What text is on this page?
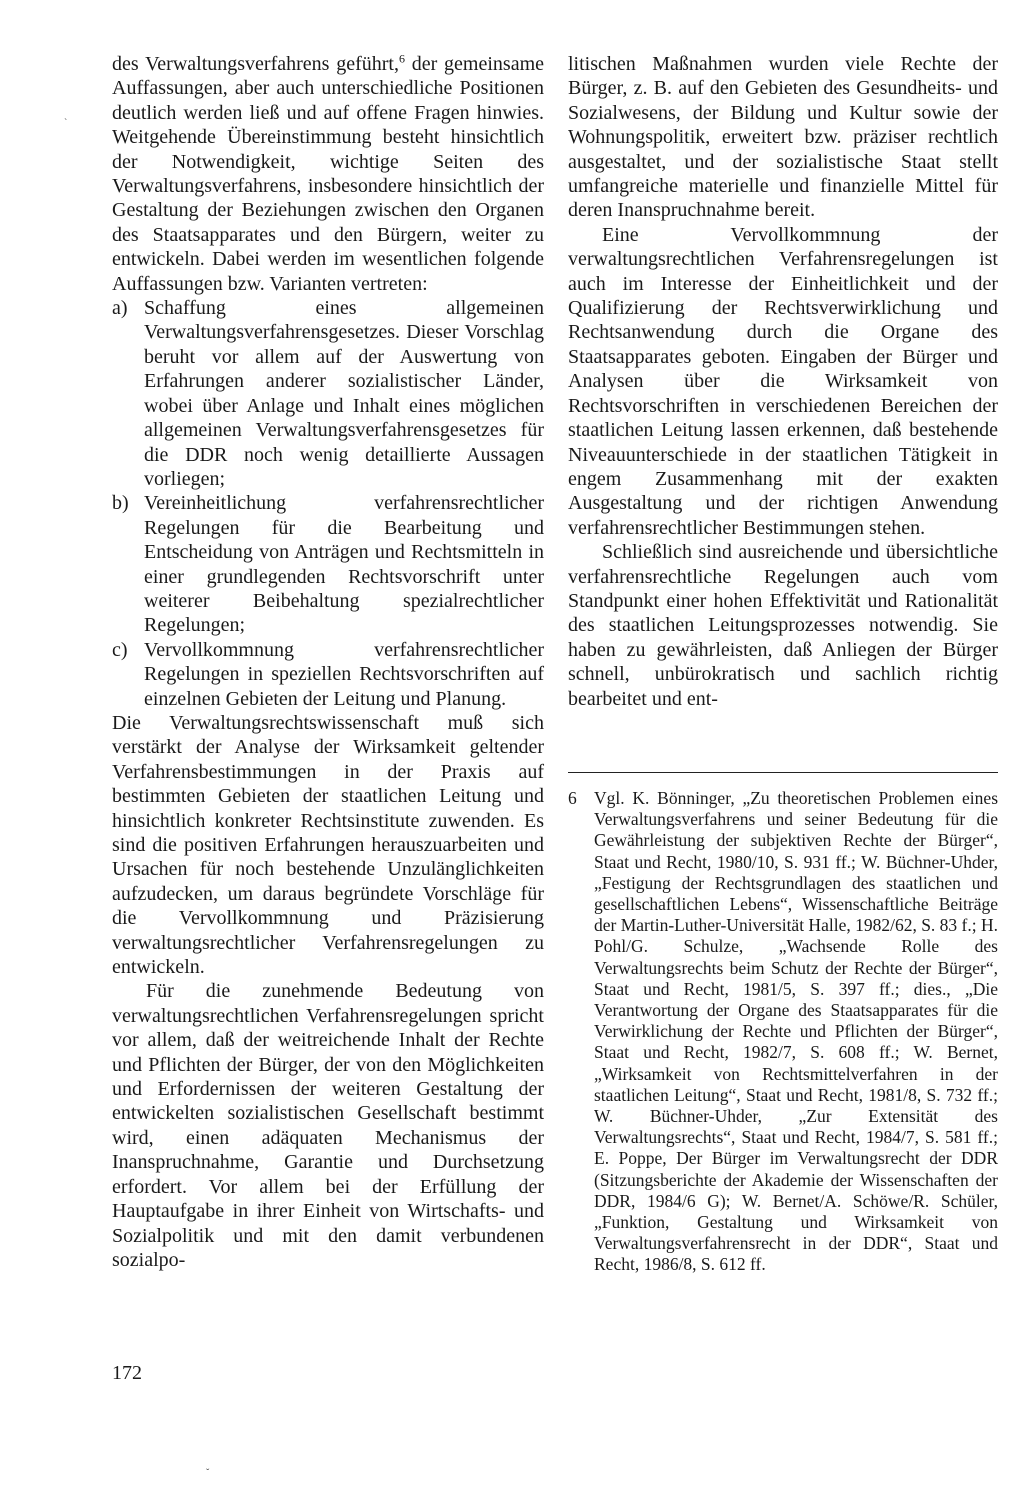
des Verwaltungsverfahrens geführt,$^6$ der gemeinsame Auffassungen, aber auch unterschiedliche Positionen deutlich werden ließ und auf offene Fragen hinwies. Weitgehende Übereinstimmung besteht hinsichtlich der Notwendigkeit, wichtige Seiten des Verwaltungsverfahrens, insbesondere hinsichtlich der Gestaltung der Beziehungen zwischen den Organen des Staatsapparates und den Bürgern, weiter zu entwickeln. Dabei werden im wesentlichen folgende Auffassungen bzw. Varianten vertreten:

a) Schaffung eines allgemeinen Verwaltungsverfahrensgesetzes. Dieser Vorschlag beruht vor allem auf der Auswertung von Erfahrungen anderer sozialistischer Länder, wobei über Anlage und Inhalt eines möglichen allgemeinen Verwaltungsverfahrensgesetzes für die DDR noch wenig detaillierte Aussagen vorliegen;
b) Vereinheitlichung verfahrensrechtlicher Regelungen für die Bearbeitung und Entscheidung von Anträgen und Rechtsmitteln in einer grundlegenden Rechtsvorschrift unter weiterer Beibehaltung spezialrechtlicher Regelungen;
c) Vervollkommnung verfahrensrechtlicher Regelungen in speziellen Rechtsvorschriften auf einzelnen Gebieten der Leitung und Planung.

Die Verwaltungsrechtswissenschaft muß sich verstärkt der Analyse der Wirksamkeit geltender Verfahrensbestimmungen in der Praxis auf bestimmten Gebieten der staatlichen Leitung und hinsichtlich konkreter Rechtsinstitute zuwenden. Es sind die positiven Erfahrungen herauszuarbeiten und Ursachen für noch bestehende Unzulänglichkeiten aufzudecken, um daraus begründete Vorschläge für die Vervollkommnung und Präzisierung verwaltungsrechtlicher Verfahrensregelungen zu entwickeln.

Für die zunehmende Bedeutung von verwaltungsrechtlichen Verfahrensregelungen spricht vor allem, daß der weitreichende Inhalt der Rechte und Pflichten der Bürger, der von den Möglichkeiten und Erfordernissen der weiteren Gestaltung der entwickelten sozialistischen Gesellschaft bestimmt wird, einen adäquaten Mechanismus der Inanspruchnahme, Garantie und Durchsetzung erfordert. Vor allem bei der Erfüllung der Hauptaufgabe in ihrer Einheit von Wirtschafts- und Sozialpolitik und mit den damit verbundenen sozialpo-

litischen Maßnahmen wurden viele Rechte der Bürger, z. B. auf den Gebieten des Gesundheits- und Sozialwesens, der Bildung und Kultur sowie der Wohnungspolitik, erweitert bzw. präziser rechtlich ausgestaltet, und der sozialistische Staat stellt umfangreiche materielle und finanzielle Mittel für deren Inanspruchnahme bereit.

Eine Vervollkommnung der verwaltungsrechtlichen Verfahrensregelungen ist auch im Interesse der Einheitlichkeit und der Qualifizierung der Rechtsverwirklichung und Rechtsanwendung durch die Organe des Staatsapparates geboten. Eingaben der Bürger und Analysen über die Wirksamkeit von Rechtsvorschriften in verschiedenen Bereichen der staatlichen Leitung lassen erkennen, daß bestehende Niveauunterschiede in der staatlichen Tätigkeit in engem Zusammenhang mit der exakten Ausgestaltung und der richtigen Anwendung verfahrensrechtlicher Bestimmungen stehen.

Schließlich sind ausreichende und übersichtliche verfahrensrechtliche Regelungen auch vom Standpunkt einer hohen Effektivität und Rationalität des staatlichen Leitungsprozesses notwendig. Sie haben zu gewährleisten, daß Anliegen der Bürger schnell, unbürokratisch und sachlich richtig bearbeitet und ent-

6 Vgl. K. Bönninger, „Zu theoretischen Problemen eines Verwaltungsverfahrens und seiner Bedeutung für die Gewährleistung der subjektiven Rechte der Bürger“, Staat und Recht, 1980/10, S. 931 ff.; W. Büchner-Uhder, „Festigung der Rechtsgrundlagen des staatlichen und gesellschaftlichen Lebens“, Wissenschaftliche Beiträge der Martin-Luther-Universität Halle, 1982/62, S. 83 f.; H. Pohl/G. Schulze, „Wachsende Rolle des Verwaltungsrechts beim Schutz der Rechte der Bürger“, Staat und Recht, 1981/5, S. 397 ff.; dies., „Die Verantwortung der Organe des Staatsapparates für die Verwirklichung der Rechte und Pflichten der Bürger“, Staat und Recht, 1982/7, S. 608 ff.; W. Bernet, „Wirksamkeit von Rechtsmittelverfahren in der staatlichen Leitung“, Staat und Recht, 1981/8, S. 732 ff.; W. Büchner-Uhder, „Zur Extensität des Verwaltungsrechts“, Staat und Recht, 1984/7, S. 581 ff.; E. Poppe, Der Bürger im Verwaltungsrecht der DDR (Sitzungsberichte der Akademie der Wissenschaften der DDR, 1984/6 G); W. Bernet/A. Schöwe/R. Schüler, „Funktion, Gestaltung und Wirksamkeit von Verwaltungsverfahrensrecht in der DDR“, Staat und Recht, 1986/8, S. 612 ff.
172
ˋ
ˇ
